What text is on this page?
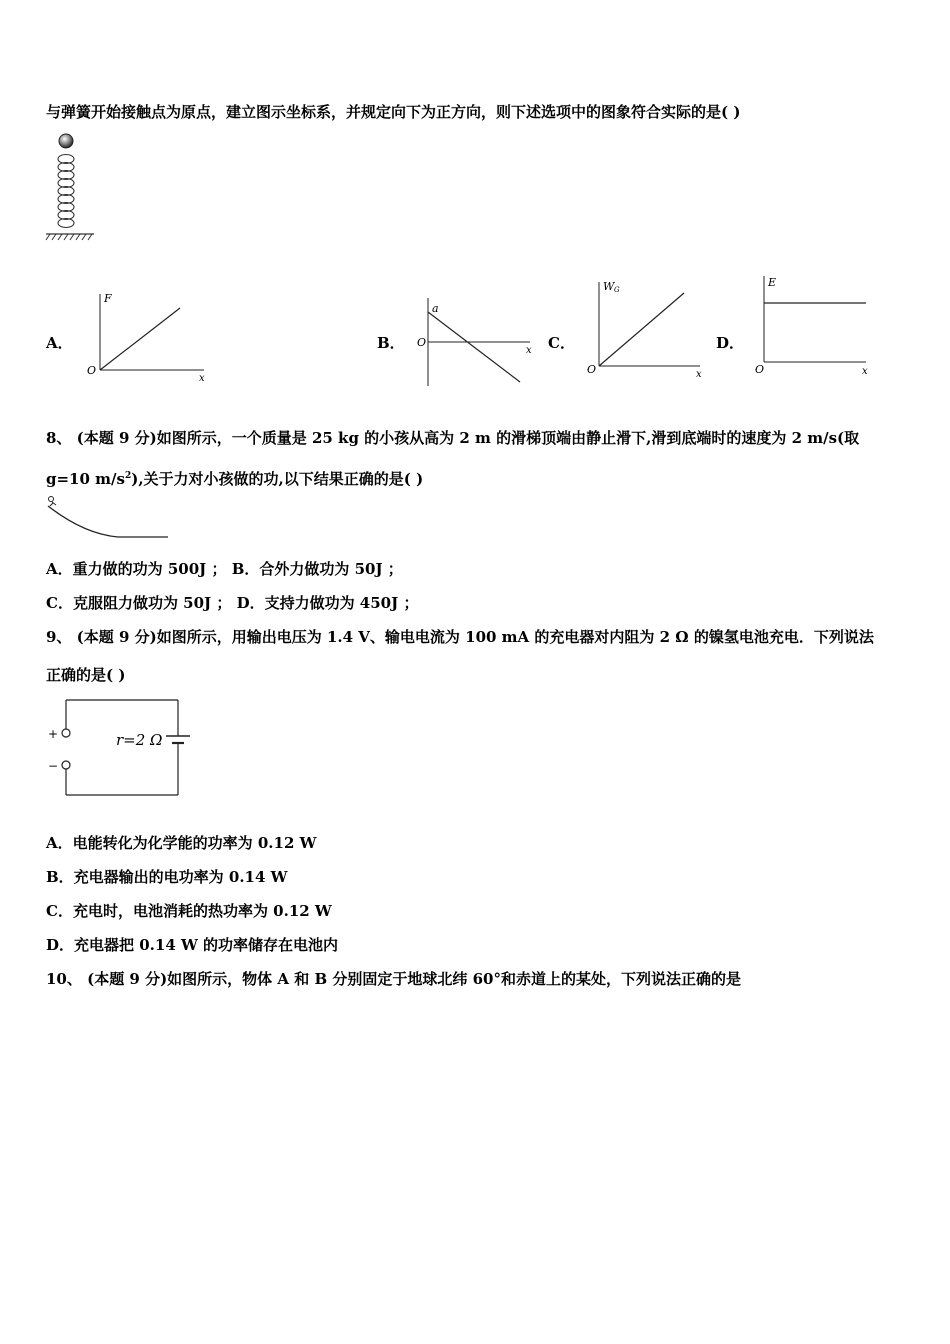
与弹簧开始接触点为原点，建立图示坐标系，并规定向下为正方向，则下述选项中的图象符合实际的是( )
A．
F
O
x
B．
a
O
x C．
W G
O	x
D．
E
O	x
8、 (本题 9 分)如图所示，一个质量是 25 kg 的小孩从高为 2 m 的滑梯顶端由静止滑下,滑到底端时的速度为 2 m/s(取
g=10 $m/s^2$),关于力对小孩做的功,以下结果正确的是( )
A．重力做的功为 500J ； B．合外力做功为 50J ；
C．克服阻力做功为 50J ； D．支持力做功为 450J ；
9、 (本题 9 分)如图所示，用输出电压为 1.4 V、输电电流为 100 mA 的充电器对内阻为 2 Ω 的镍氢电池充电．下列说法
正确的是( )
+
−
r=2 Ω
A．电能转化为化学能的功率为 0.12 W
B．充电器输出的电功率为 0.14 W
C．充电时，电池消耗的热功率为 0.12 W
D．充电器把 0.14 W 的功率储存在电池内
10、 (本题 9 分)如图所示，物体 A 和 B 分别固定于地球北纬 60°和赤道上的某处，下列说法正确的是
